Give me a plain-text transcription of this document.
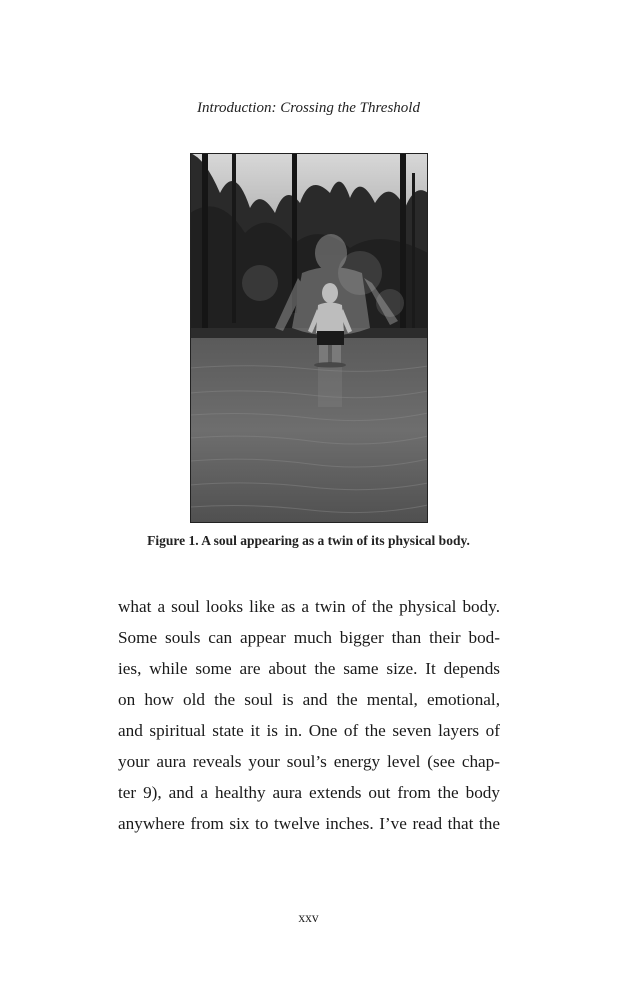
Introduction: Crossing the Threshold
Figure 1. A soul appearing as a twin of its physical body.
what a soul looks like as a twin of the physical body.
Some souls can appear much bigger than their bod-
ies, while some are about the same size. It depends
on how old the soul is and the mental, emotional,
and spiritual state it is in. One of the seven layers of
your aura reveals your soul’s energy level (see chap-
ter 9), and a healthy aura extends out from the body
anywhere from six to twelve inches. I’ve read that the
xxv
